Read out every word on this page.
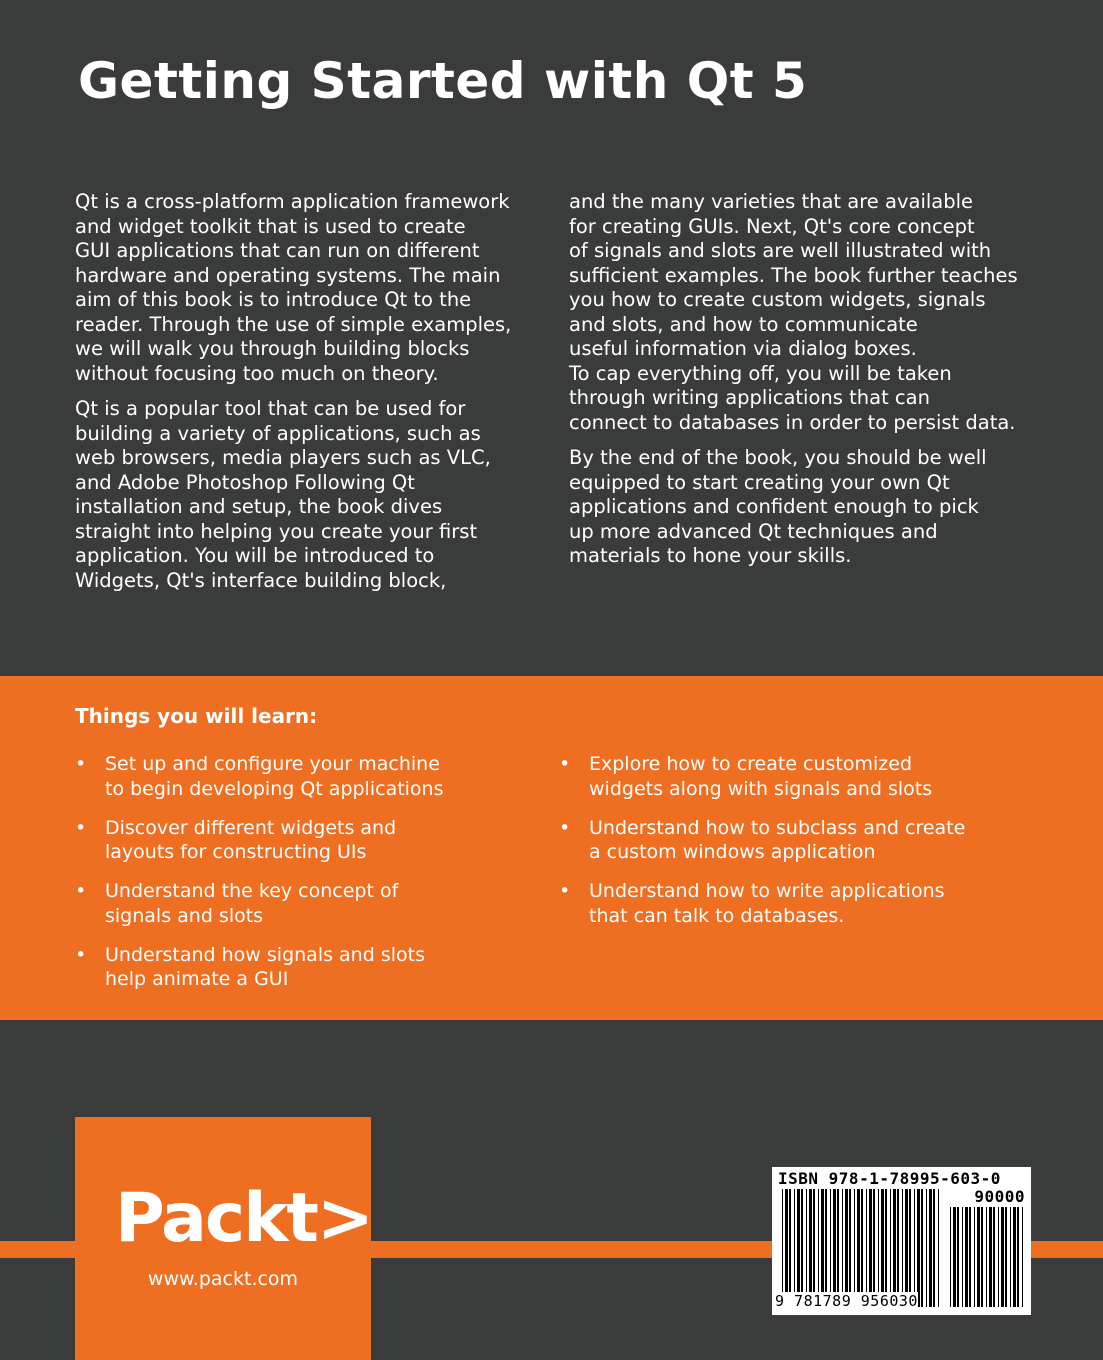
Getting Started with Qt 5

Qt is a cross-platform application framework
and widget toolkit that is used to create
GUI applications that can run on different
hardware and operating systems. The main
aim of this book is to introduce Qt to the
reader. Through the use of simple examples,
we will walk you through building blocks
without focusing too much on theory.

Qt is a popular tool that can be used for
building a variety of applications, such as
web browsers, media players such as VLC,
and Adobe Photoshop Following Qt
installation and setup, the book dives
straight into helping you create your first
application. You will be introduced to
Widgets, Qt's interface building block,

and the many varieties that are available
for creating GUIs. Next, Qt's core concept
of signals and slots are well illustrated with
sufficient examples. The book further teaches
you how to create custom widgets, signals
and slots, and how to communicate
useful information via dialog boxes.
To cap everything off, you will be taken
through writing applications that can
connect to databases in order to persist data.

By the end of the book, you should be well
equipped to start creating your own Qt
applications and confident enough to pick
up more advanced Qt techniques and
materials to hone your skills.

Things you will learn:
• Set up and configure your machine
to begin developing Qt applications
• Discover different widgets and
layouts for constructing UIs
• Understand the key concept of
signals and slots
• Understand how signals and slots
help animate a GUI
• Explore how to create customized
widgets along with signals and slots
• Understand how to subclass and create
a custom windows application
• Understand how to write applications
that can talk to databases.
Packt>
www.packt.com
ISBN 978-1-78995-603-0
90000
9 781789 956030
